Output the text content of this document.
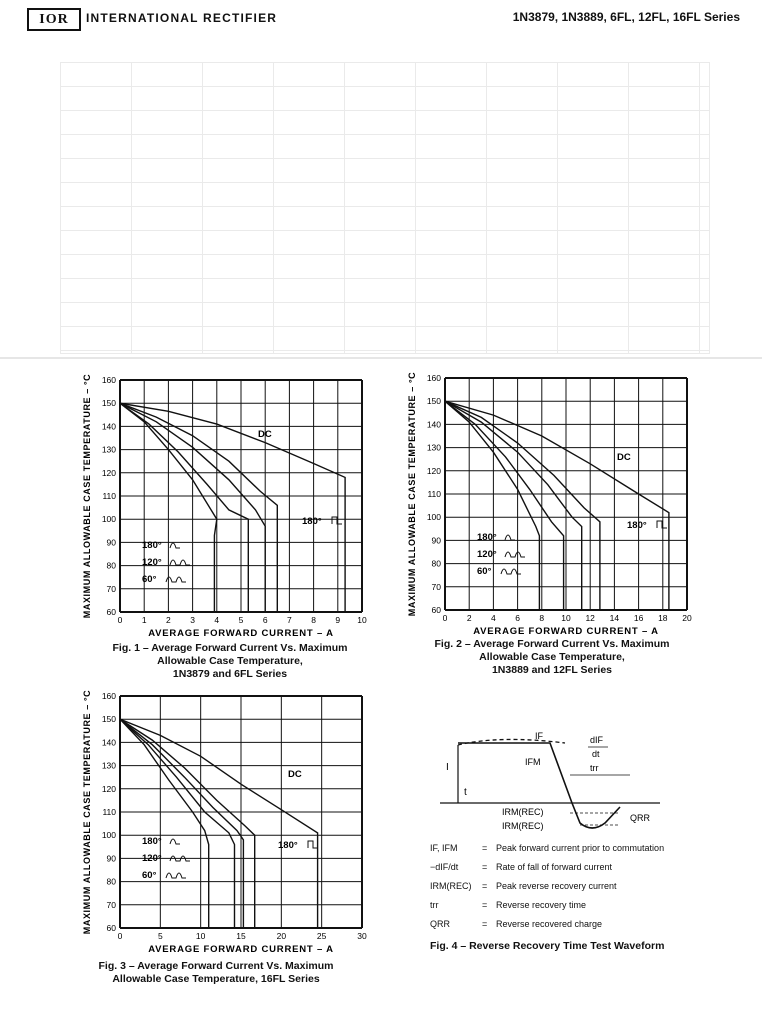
IOR	INTERNATIONAL RECTIFIER	1N3879, 1N3889, 6FL, 12FL, 16FL Series
0 1 2 3 4 5 6 7 8 9 10
60
70
80
90
100
110
120
130
140
150
160
AVERAGE FORWARD CURRENT – A
MAXIMUM ALLOWABLE CASE TEMPERATURE – °C	DC
180°
180°
120°
60°
Fig. 1 – Average Forward Current Vs. Maximum
Allowable Case Temperature,
1N3879 and 6FL Series
0 2 4 6 8 10 12 14 16 18 20
60
70
80
90
100
110
120
130
140
150
160
AVERAGE FORWARD CURRENT – A
MAXIMUM ALLOWABLE CASE TEMPERATURE – °C	DC
180°
180°
120°
60°
Fig. 2 – Average Forward Current Vs. Maximum
Allowable Case Temperature,
1N3889 and 12FL Series
0	5	10	15	20	25	30
60
70
80
90
100
110
120
130
140
150
160
AVERAGE FORWARD CURRENT – A
MAXIMUM ALLOWABLE CASE TEMPERATURE – °C	DC
180°
180°
120°
60°
Fig. 3 – Average Forward Current Vs. Maximum
Allowable Case Temperature, 16FL Series
I
t
IF
IFM
dIF
dt
trr
IRM(REC)
IRM(REC)
QRR
IF, IFM	= Peak forward current prior to commutation
−dIF/dt	= Rate of fall of forward current
IRM(REC) = Peak reverse recovery current
trr	= Reverse recovery time
QRR	= Reverse recovered charge
Fig. 4 – Reverse Recovery Time Test Waveform
